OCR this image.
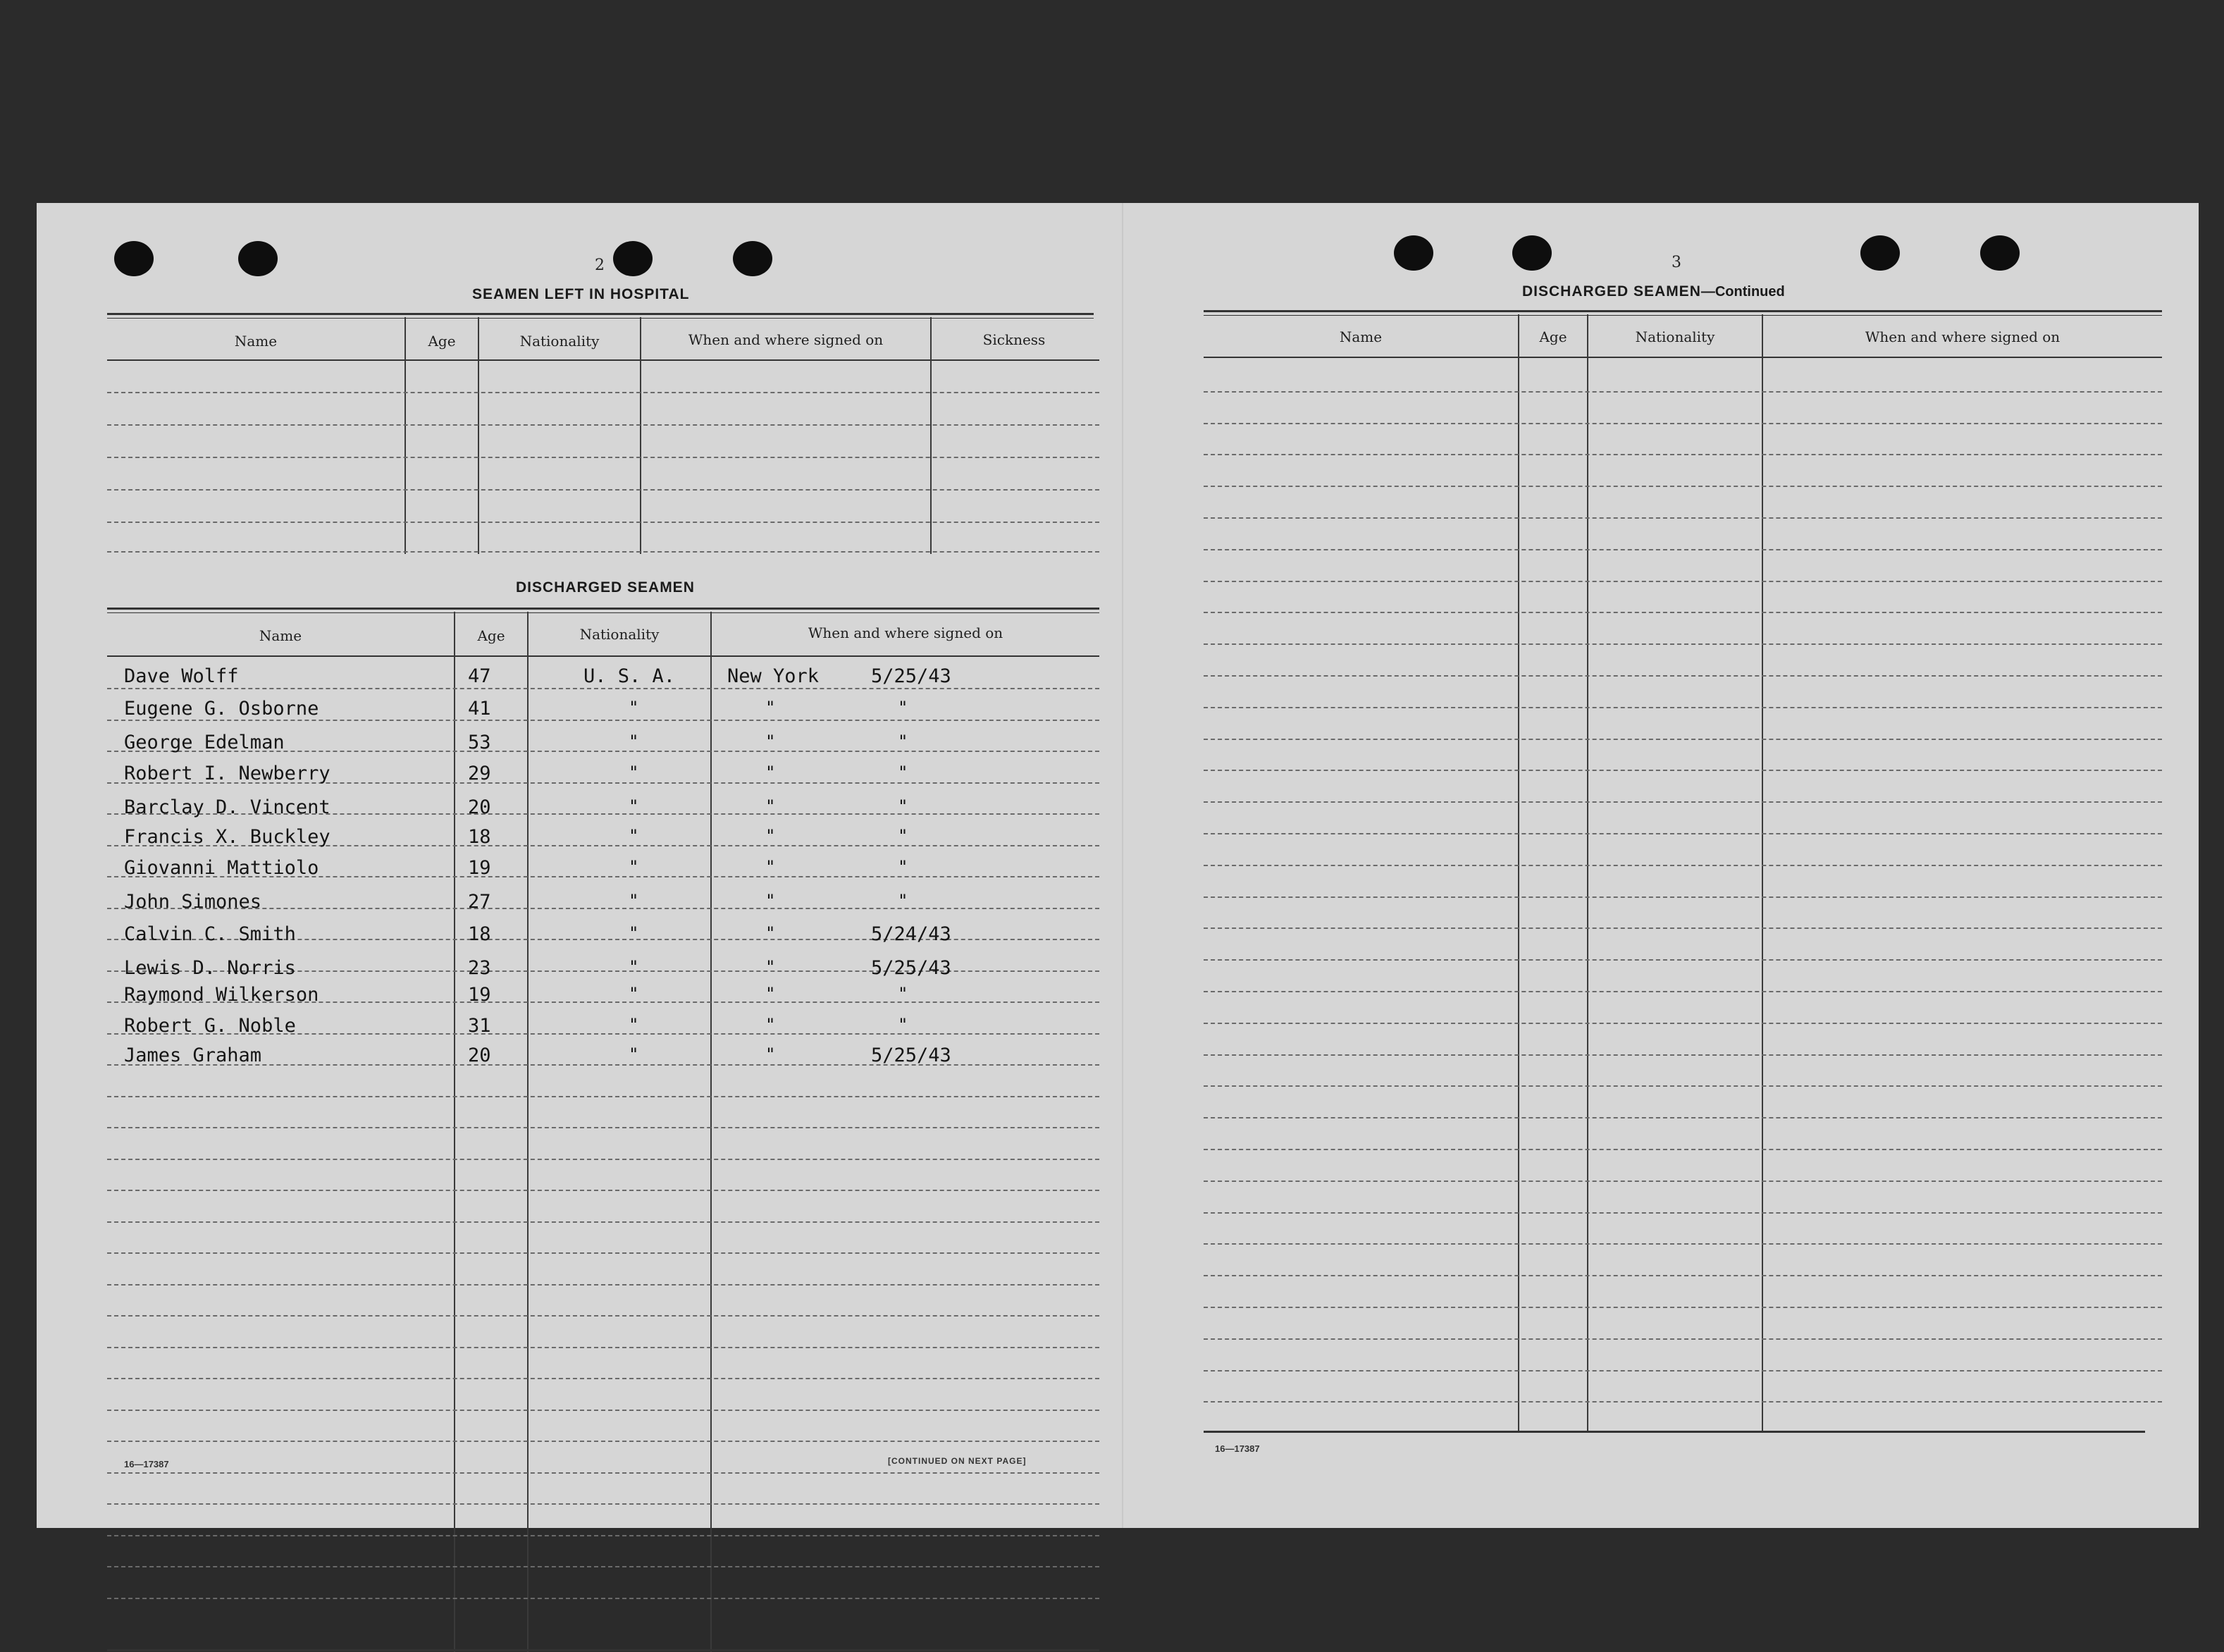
2
SEAMEN LEFT IN HOSPITAL
Name	Age	Nationality	When and where signed on	Sickness
DISCHARGED SEAMEN
Name	Age	Nationality	When and where signed on
Dave Wolff	47	U. S. A.	New York	5/25/43
Eugene G. Osborne	41	"	"	"
George Edelman	53	"	"	"
Robert I. Newberry	29	"	"	"
Barclay D. Vincent	20	"	"	"
Francis X. Buckley	18	"	"	"
Giovanni Mattiolo	19	"	"	"
John Simones	27	"	"	"
Calvin C. Smith	18	"	"	5/24/43
Lewis D. Norris	23	"	"	5/25/43
Raymond Wilkerson	19	"	"	"
Robert G. Noble	31	"	"	"
James Graham	20	"	"	5/25/43
16—17387	[CONTINUED ON NEXT PAGE]
3
DISCHARGED SEAMEN—Continued
Name	Age	Nationality	When and where signed on
16—17387
